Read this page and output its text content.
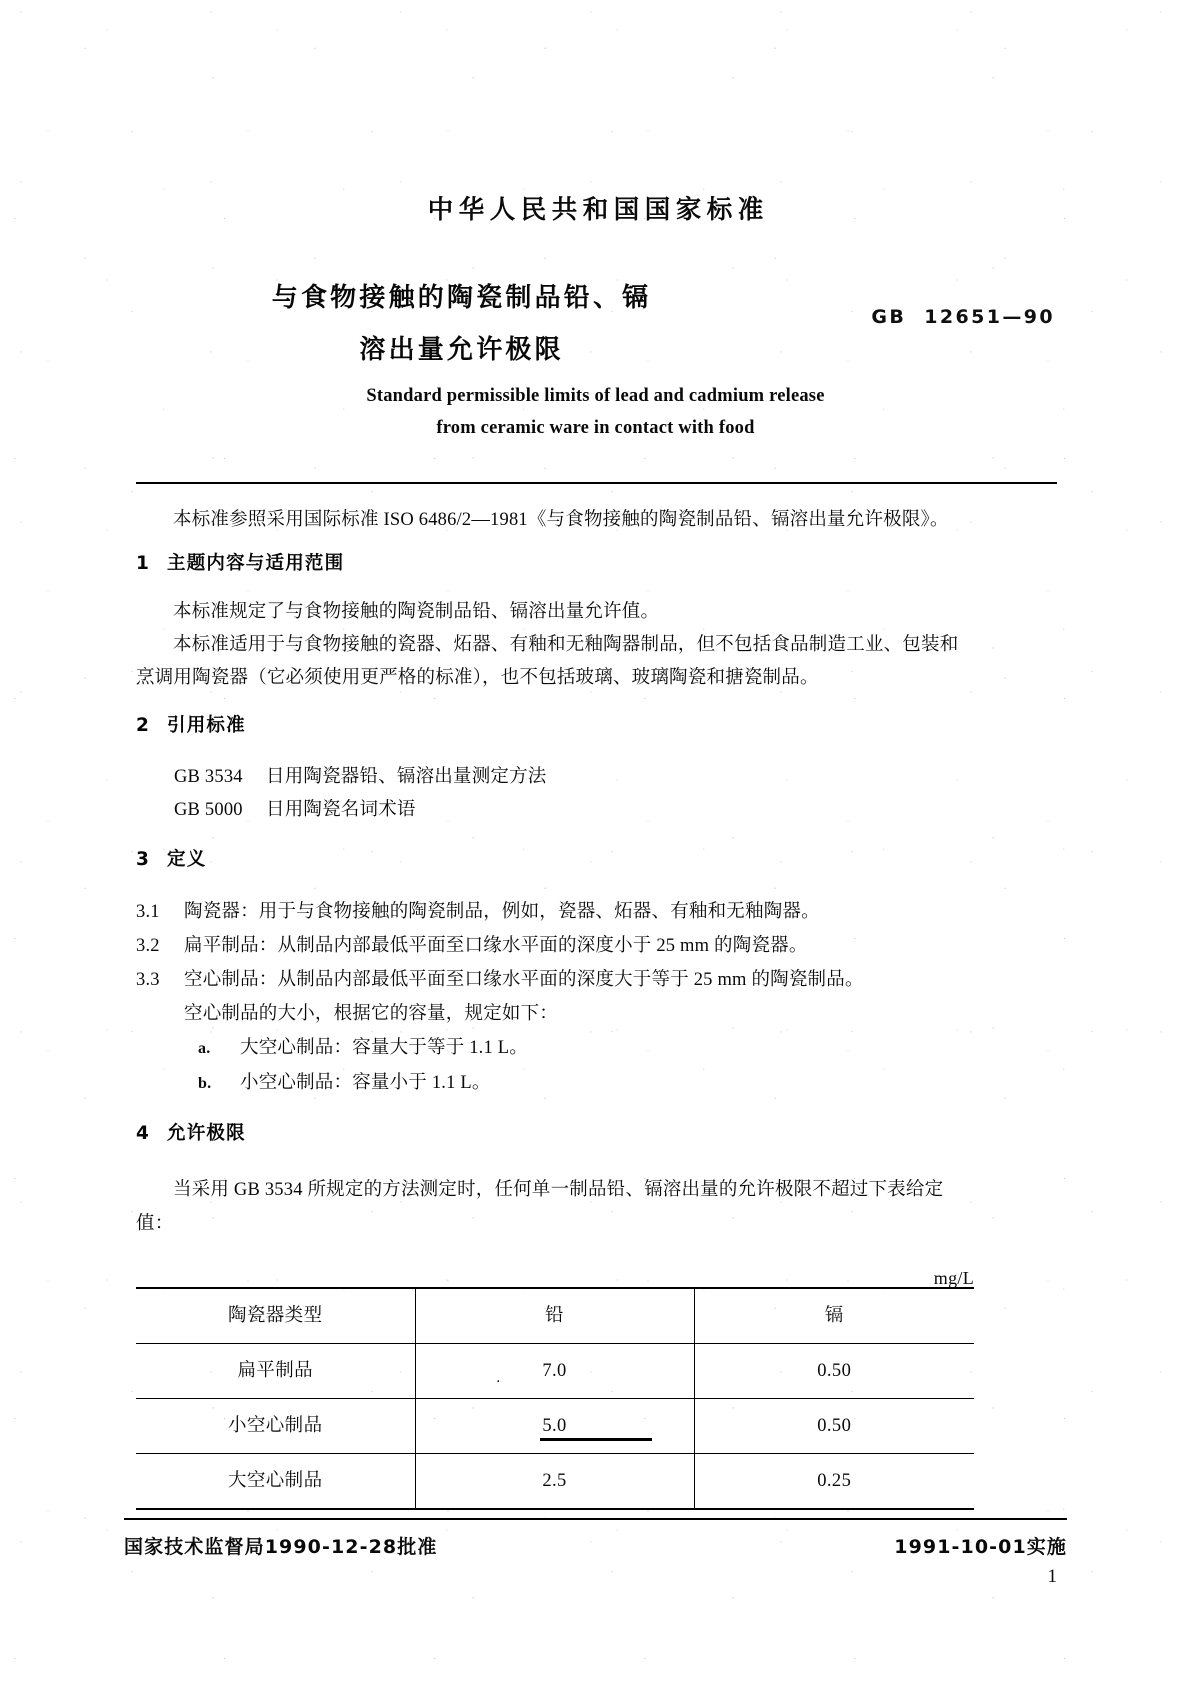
中华人民共和国国家标准
与食物接触的陶瓷制品铅、镉
溶出量允许极限
GB  12651—90
Standard permissible limits of lead and cadmium release
from ceramic ware in contact with food

本标准参照采用国际标准 ISO 6486/2—1981《与食物接触的陶瓷制品铅、镉溶出量允许极限》。

1 主题内容与适用范围

本标准规定了与食物接触的陶瓷制品铅、镉溶出量允许值。

本标准适用于与食物接触的瓷器、炻器、有釉和无釉陶器制品，但不包括食品制造工业、包装和烹调用陶瓷器（它必须使用更严格的标准），也不包括玻璃、玻璃陶瓷和搪瓷制品。

2 引用标准

GB 3534 日用陶瓷器铅、镉溶出量测定方法

GB 5000 日用陶瓷名词术语

3 定义

3.1 陶瓷器：用于与食物接触的陶瓷制品，例如，瓷器、炻器、有釉和无釉陶器。

3.2 扁平制品：从制品内部最低平面至口缘水平面的深度小于 25 mm 的陶瓷器。

3.3 空心制品：从制品内部最低平面至口缘水平面的深度大于等于 25 mm 的陶瓷制品。

空心制品的大小，根据它的容量，规定如下：

a. 大空心制品：容量大于等于 1.1 L。

b. 小空心制品：容量小于 1.1 L。

4 允许极限

当采用 GB 3534 所规定的方法测定时，任何单一制品铅、镉溶出量的允许极限不超过下表给定值：

mg/L
陶瓷器类型	铅	镉
扁平制品	. 7.0	0.50
小空心制品	5.0	0.50
大空心制品	2.5	0.25
国家技术监督局1990-12-28批准	1991-10-01实施
1
